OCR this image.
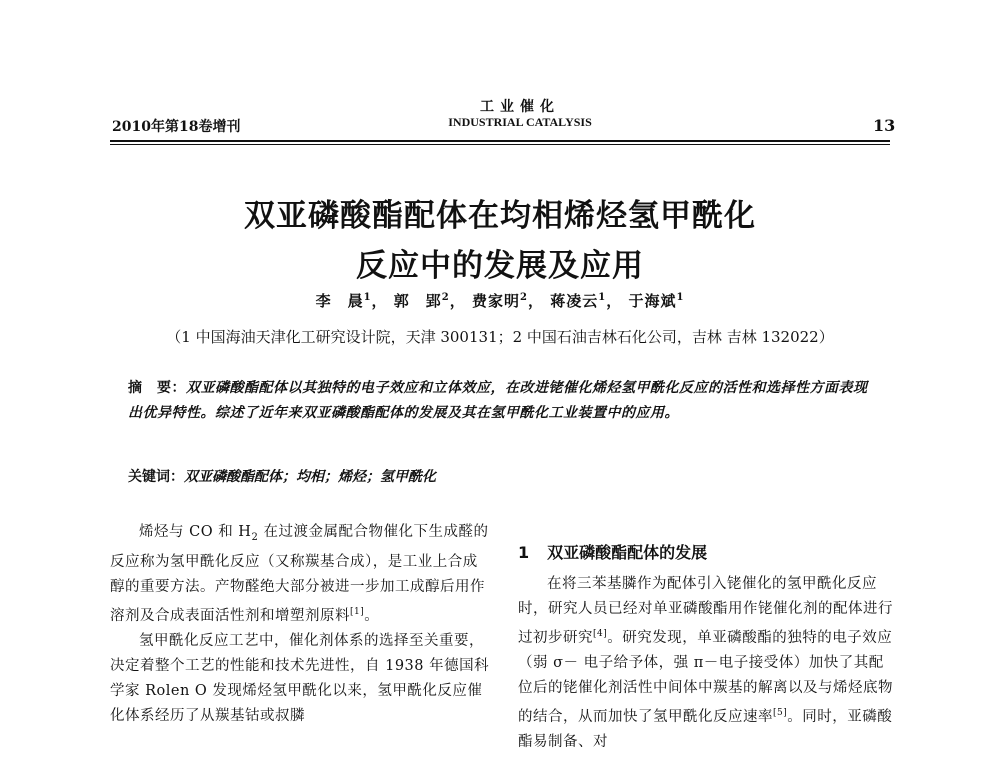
2010年第18卷增刊
工业催化
INDUSTRIAL CATALYSIS	13
双亚磷酸酯配体在均相烯烃氢甲酰化
反应中的发展及应用
李　晨$^1$， 郭　郢$^2$， 费家明$^2$， 蒋凌云$^1$， 于海斌$^1$
（1 中国海油天津化工研究设计院，天津 300131；2 中国石油吉林石化公司，吉林 吉林 132022）
摘　要：双亚磷酸酯配体以其独特的电子效应和立体效应，在改进铑催化烯烃氢甲酰化反应的活性和选择性方面表现出优异特性。综述了近年来双亚磷酸酯配体的发展及其在氢甲酰化工业装置中的应用。
关键词：双亚磷酸酯配体；均相；烯烃；氢甲酰化

烯烃与 CO 和 $H_2$ 在过渡金属配合物催化下生成醛的反应称为氢甲酰化反应（又称羰基合成），是工业上合成醇的重要方法。产物醛绝大部分被进一步加工成醇后用作溶剂及合成表面活性剂和增塑剂原料[1]。

氢甲酰化反应工艺中，催化剂体系的选择至关重要，决定着整个工艺的性能和技术先进性，自 1938 年德国科学家 Rolen O 发现烯烃氢甲酰化以来，氢甲酰化反应催化体系经历了从羰基钴或叔膦

1 双亚磷酸酯配体的发展

在将三苯基膦作为配体引入铑催化的氢甲酰化反应时，研究人员已经对单亚磷酸酯用作铑催化剂的配体进行过初步研究[4]。研究发现，单亚磷酸酯的独特的电子效应（弱 σ－ 电子给予体，强 π－电子接受体）加快了其配位后的铑催化剂活性中间体中羰基的解离以及与烯烃底物的结合，从而加快了氢甲酰化反应速率[5]。同时，亚磷酸酯易制备、对
